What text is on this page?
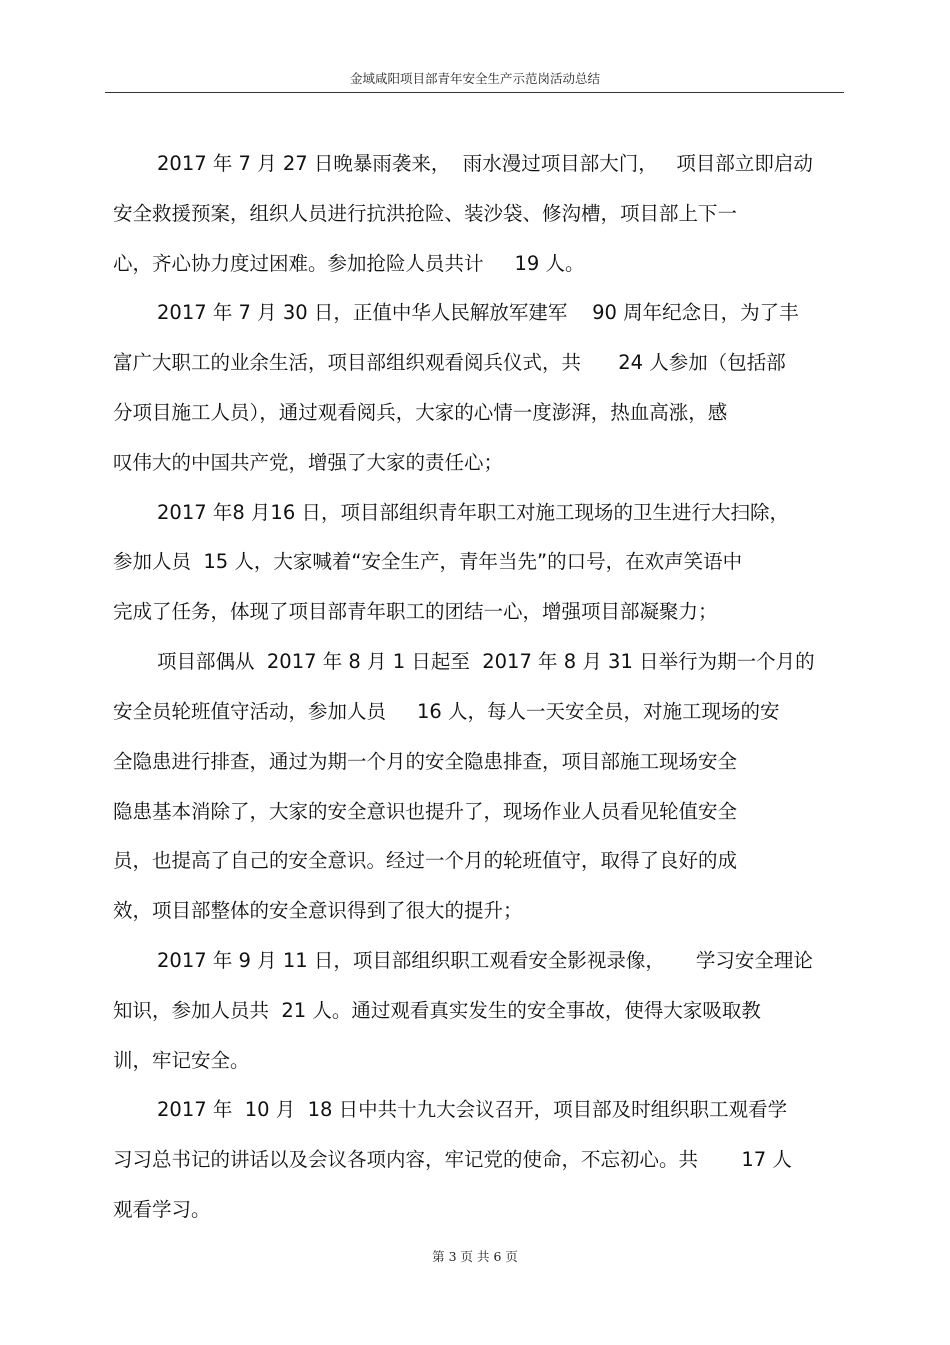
金域咸阳项目部青年安全生产示范岗活动总结
2017 年 7 月 27 日晚暴雨袭来，  雨水漫过项目部大门，   项目部立即启动
安全救援预案，组织人员进行抗洪抢险、装沙袋、修沟槽，项目部上下一
心，齐心协力度过困难。参加抢险人员共计     19 人。
2017 年 7 月 30 日，正值中华人民解放军建军    90 周年纪念日，为了丰
富广大职工的业余生活，项目部组织观看阅兵仪式，共      24 人参加（包括部
分项目施工人员），通过观看阅兵，大家的心情一度澎湃，热血高涨，感
叹伟大的中国共产党，增强了大家的责任心；
2017 年8 月16 日，项目部组织青年职工对施工现场的卫生进行大扫除，
参加人员  15 人，大家喊着“安全生产，青年当先”的口号，在欢声笑语中
完成了任务，体现了项目部青年职工的团结一心，增强项目部凝聚力；
项目部偶从  2017 年 8 月 1 日起至  2017 年 8 月 31 日举行为期一个月的
安全员轮班值守活动，参加人员     16 人，每人一天安全员，对施工现场的安
全隐患进行排查，通过为期一个月的安全隐患排查，项目部施工现场安全
隐患基本消除了，大家的安全意识也提升了，现场作业人员看见轮值安全
员，也提高了自己的安全意识。经过一个月的轮班值守，取得了良好的成
效，项目部整体的安全意识得到了很大的提升；
2017 年 9 月 11 日，项目部组织职工观看安全影视录像，     学习安全理论
知识，参加人员共  21 人。通过观看真实发生的安全事故，使得大家吸取教
训，牢记安全。
2017 年  10 月  18 日中共十九大会议召开，项目部及时组织职工观看学
习习总书记的讲话以及会议各项内容，牢记党的使命，不忘初心。共       17 人
观看学习。
第 3 页 共 6 页
